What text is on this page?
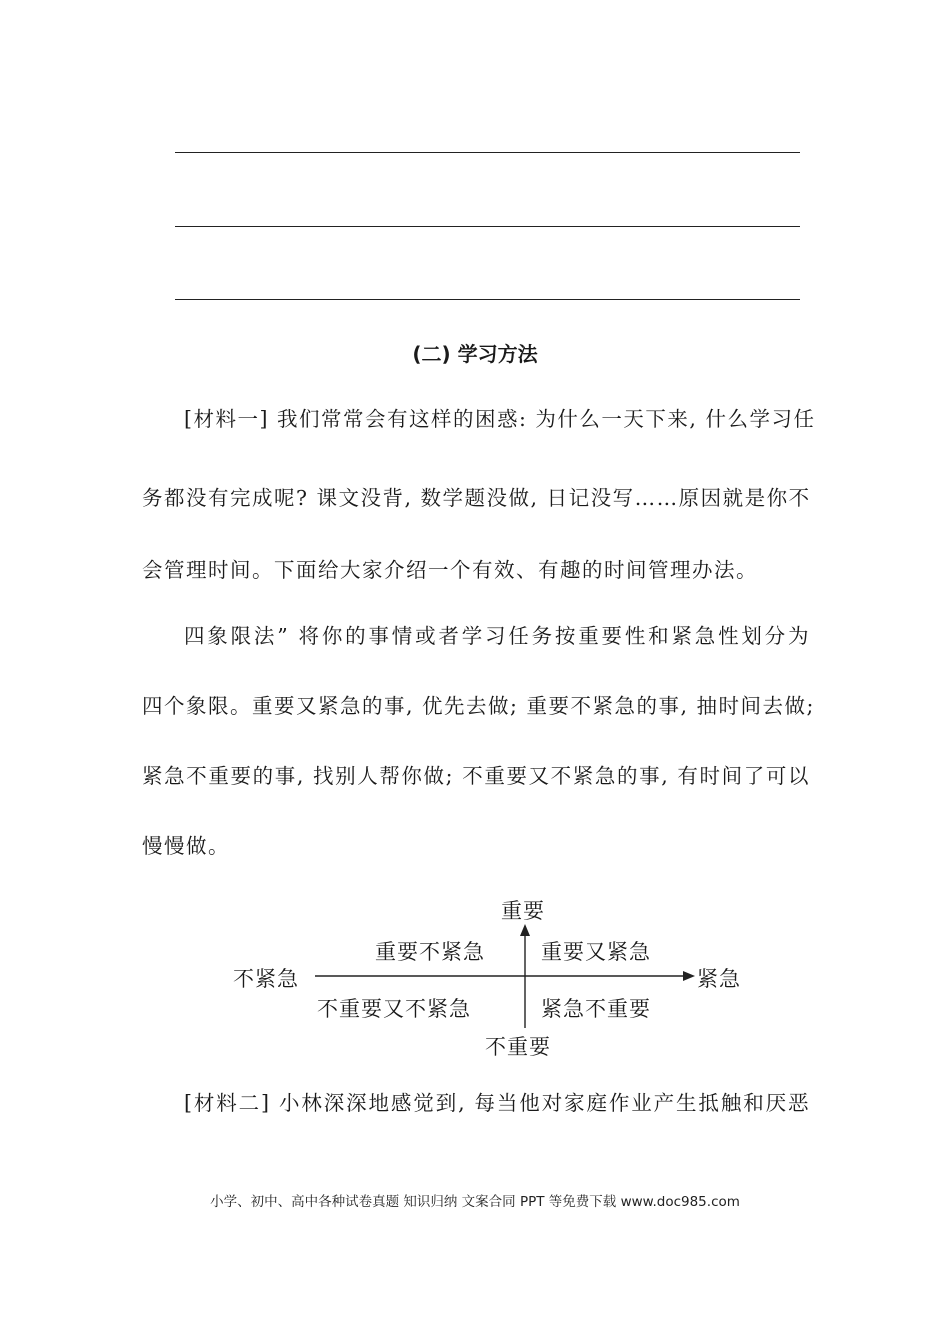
(二) 学习方法
[材料一] 我们常常会有这样的困惑: 为什么一天下来, 什么学习任
务都没有完成呢? 课文没背, 数学题没做, 日记没写……原因就是你不
会管理时间。下面给大家介绍一个有效、有趣的时间管理办法。
四象限法” 将你的事情或者学习任务按重要性和紧急性划分为
四个象限。重要又紧急的事, 优先去做; 重要不紧急的事, 抽时间去做;
紧急不重要的事, 找别人帮你做; 不重要又不紧急的事, 有时间了可以
慢慢做。
重要
不重要
不紧急	紧急
重要不紧急	重要又紧急
不重要又不紧急	紧急不重要
[材料二] 小林深深地感觉到, 每当他对家庭作业产生抵触和厌恶
小学、初中、高中各种试卷真题 知识归纳 文案合同 PPT 等免费下载 www.doc985.com
